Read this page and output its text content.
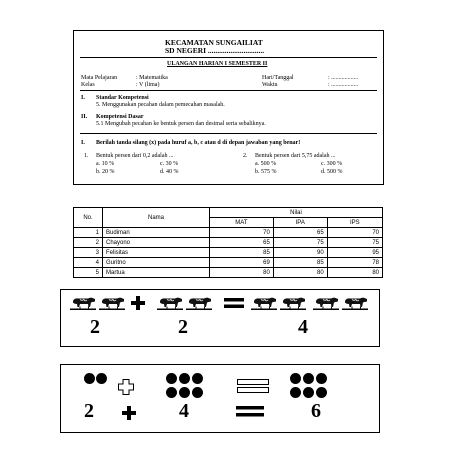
KECAMATAN SUNGAILIAT
SD NEGERI ..............................
ULANGAN HARIAN I SEMESTER II
Mata Pelajaran	: Matematika	Hari/Tanggal	: ..................
Kelas	: V (lima)	Waktu	: ..................
I. Standar Kompetensi
5. Menggunakan pecahan dalam pemecahan masalah.
II. Kompetensi Dasar
5.1 Mengubah pecahan ke bentuk persen dan desimal serta sebaliknya.
I. Berilah tanda silang (x) pada huruf a, b, c atau d di depan jawaban yang benar!
1. Bentuk persen dari 0,2 adalah ...
a. 10 %	c. 30 %
b. 20 %	d. 40 %
2. Bentuk persen dari 5,75 adalah ...
a. 500 %	c. 300 %
b. 575 %	d. 500 %
No.	Nama	Nilai		
		MAT	IPA	IPS
1	Budiman	70	65	70
2	Chayono	65	75	75
3	Felisitas	85	90	95
4	Guritno	69	85	78
5	Martua	80	80	80
2	2	4
2	4	6
